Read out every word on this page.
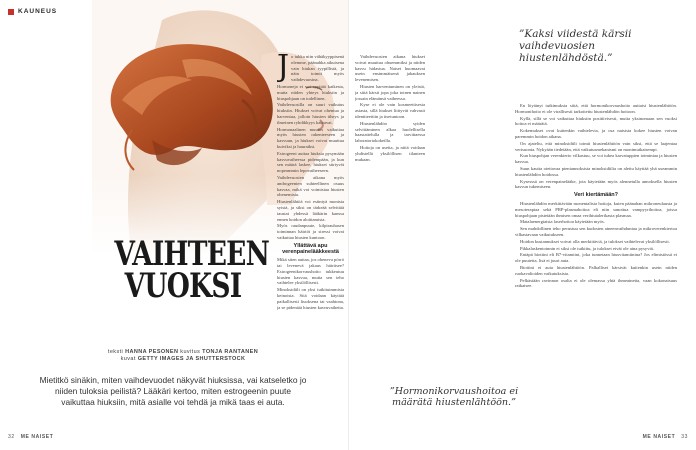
KAUNEUS
VAIHTEEN
VUOKSI
teksti HANNA PESONEN kuvitus TONJA RANTANEN
kuvat GETTY IMAGES JA SHUTTERSTOCK
Mietitkö sinäkin, miten vaihdevuodet näkyvät hiuksissa, vai katseletko jo niiden tuloksia peilistä? Lääkäri kertoo, miten estrogeenin puute vaikuttaa hiuksiin, mitä asialle voi tehdä ja mikä taas ei auta.
J o tukka niin vähäkyyppisenä olemme, päänahka aikuisena vain hiukan tyypillistä, ja näin toimii myös vaihdevuosina.

Hormoneja ei voi syyttää kaikesta, mutta niiden yhteys hiuksiin ja hiuspohjaan on todellinen.

Vaihdevuosilla on suuri vaikutus hiuksiin. Hiukset voivat ohentua ja harventua, jolloin hiusten tiheys ja ilmeinen ryhdikkyys katoavat.

Hormonaalinen muutos vaikuttaa myös hiusten rakenteeseen ja kasvuun, ja hiukset voivat muuttua kuiviksi ja hauraiksi.

Estrogeeni auttaa hiuksia pysymään kasvuvaiheessa pidempään, ja kun sen määrä laskee, hiukset siirtyvät nopeammin lepovaiheeseen.

Vaihdevuosien aikana myös androgeenien suhteellinen osuus kasvaa, mikä voi voimistaa hiusten ohenemista.

Hiustenlähtöä voi esiintyä monista syistä, ja siksi on tärkeää selvittää taustat yhdessä lääkärin kanssa ennen hoidon aloittamista.

Myös raudanpuute, kilpirauhasen toiminnan häiriöt ja stressi voivat vaikuttaa hiusten kuntoon.

Yllättävä apu verenpainelääkkeestä

Mikä siten auttaa, jos oheneva pörrö tai levenevä jakaus häiritsee? Estrogeenikorvaushoito tukkeutuu hiusten kasvua, mutta sen teho vaihtelee yksilöllisesti.

Minoksidiili on yksi tutkituimmista keinoista. Sitä voidaan käyttää paikallisesti liuoksena tai vaahtona, ja se pidentää hiusten kasvuvaihetta.

32 ME NAISET

Vaihdevuosien aikana hiukset voivat muuttua ohuemmiksi ja niiden kasvu hidastua. Naiset huomaavat usein ensimmäisenä jakauksen levenemisen.

Hiusten harventuminen on yleistä, ja siitä kärsii jopa joka toinen nainen jossain elämänsä vaiheessa.

Kyse ei ole vain kosmeettisesta asiasta, sillä hiukset liittyvät vahvasti identiteettiin ja itsetuntoon.

Hiustenlähdön syiden selvittäminen alkaa huolellisella haastattelulla ja tarvittaessa laboratoriokokeilla.

Hoitoja on useita, ja niitä voidaan yhdistellä yksilöllisen tilanteen mukaan.

”Kaksi viidestä kärsii vaihdevuosien hiustenlähdöstä.”

En löytänyt tutkimuksia siitä, että hormonikorvaushoito auttaisi hiustenlähtöön. Hormonihoito ei ole virallisesti tarkoitettu hiustenlähdön hoitoon.

Kyllä, sillä se voi vaikuttaa hiuksiin positiivisesti, mutta yksinomaan sen vuoksi hoitoa ei määrätä.

Kokemukset ovat kuitenkin vaihtelevia, ja osa naisista kokee hiusten voivan paremmin hoidon aikana.

On ajateltu, että minoksidiili toimii hiustenlähtöön vain siksi, että se laajentaa verisuonia. Nykyään tiedetään, että vaikutusmekanismi on monimutkaisempi.

Kun hiuspohjan verenkierto vilkastuu, se voi tukea karvatuppien toimintaa ja hiusten kasvua.

Suun kautta otettavaa pieniannoksista minoksidiilia on alettu käyttää yhä useammin hiustenlähdön hoidossa.

Kysesssä on verenpainelääke, jota käytetään myös alennetulla annoksella hiusten kasvun tukemiseen.

Veri kiertämään?

Hiustenlähdön merkittävään monentalisia hoitoja, kuten päänahan mikroneulausta ja mesoterapiaa sekä PRP-plasmahoitoa eli niin sanottua vampyyrihoitoa, joissa hiuspohjaan pistetään ihmisen omaa verihiutalerikasta plasmaa.

Matalaenergiaista laserhoitoa käytetään myös.

Sen mahdollinen teho perustuu sen kudosten aineenvaihduntaa ja mikroverenkiertoa vilkastavaan vaikutukseen.

Hoidon kustannukset voivat olla merkittäviä, ja tulokset vaihtelevat yksilöllisesti.

Pikkalaskentoinnin ei siksi ole tutkittu, ja tulokset eivät ole aina pysyviä.

Entäpä biotiini eli B7-vitamiini, joka tunnetaan hiusvitamiinina? Jos elimistössä ei ole puutetta, lisä ei juuri auta.

Biotiini ei auta hiustenlähtöön. Palkalliset kärsivät kuitenkin usein niiden ruokavalioiden vaikutuksista.

Pelkästään ravinnon osalta ei ole olemassa yhtä ihmeainetta, vaan kokonaisuus ratkaisee.

”Hormonikorvaushoitoa ei määrätä hiustenlähtöön.”
ME NAISET 33
